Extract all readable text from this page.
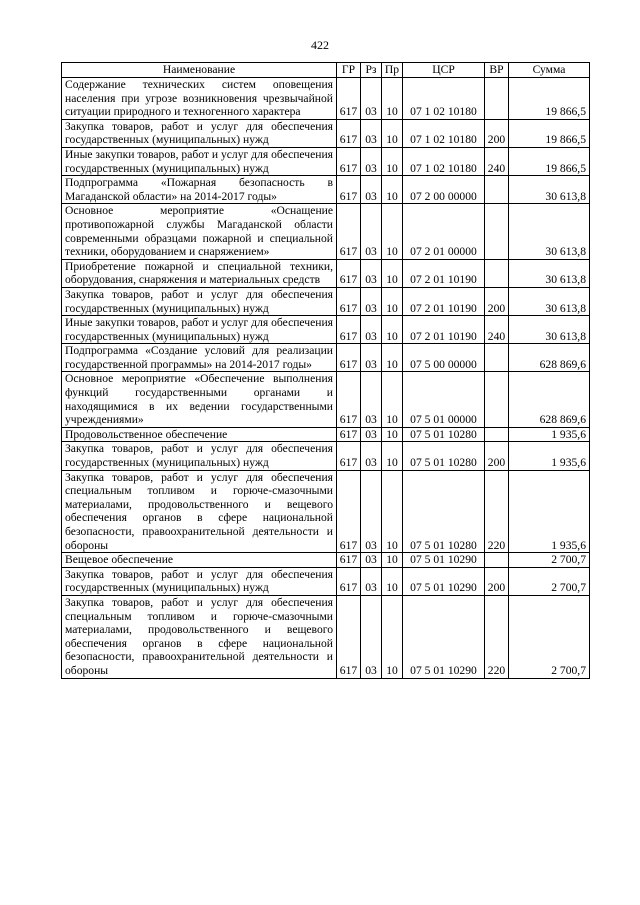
422
Наименование	ГР	Рз	Пр	ЦСР	ВР	Сумма
Содержание технических систем оповещения населения при угрозе возникновения чрезвычайной ситуации природного и техногенного характера	617	03	10	07 1 02 10180		19 866,5
Закупка товаров, работ и услуг для обеспечения государственных (муниципальных) нужд	617	03	10	07 1 02 10180	200	19 866,5
Иные закупки товаров, работ и услуг для обеспечения государственных (муниципальных) нужд	617	03	10	07 1 02 10180	240	19 866,5
Подпрограмма «Пожарная безопасность в Магаданской области» на 2014-2017 годы»	617	03	10	07 2 00 00000		30 613,8
Основное мероприятие «Оснащение противопожарной службы Магаданской области современными образцами пожарной и специальной техники, оборудованием и снаряжением»	617	03	10	07 2 01 00000		30 613,8
Приобретение пожарной и специальной техники, оборудования, снаряжения и материальных средств	617	03	10	07 2 01 10190		30 613,8
Закупка товаров, работ и услуг для обеспечения государственных (муниципальных) нужд	617	03	10	07 2 01 10190	200	30 613,8
Иные закупки товаров, работ и услуг для обеспечения государственных (муниципальных) нужд	617	03	10	07 2 01 10190	240	30 613,8
Подпрограмма «Создание условий для реализации государственной программы» на 2014-2017 годы»	617	03	10	07 5 00 00000		628 869,6
Основное мероприятие «Обеспечение выполнения функций государственными органами и находящимися в их ведении государственными учреждениями»	617	03	10	07 5 01 00000		628 869,6
Продовольственное обеспечение	617	03	10	07 5 01 10280		1 935,6
Закупка товаров, работ и услуг для обеспечения государственных (муниципальных) нужд	617	03	10	07 5 01 10280	200	1 935,6
Закупка товаров, работ и услуг для обеспечения специальным топливом и горюче-смазочными материалами, продовольственного и вещевого обеспечения органов в сфере национальной безопасности, правоохранительной деятельности и обороны	617	03	10	07 5 01 10280	220	1 935,6
Вещевое обеспечение	617	03	10	07 5 01 10290		2 700,7
Закупка товаров, работ и услуг для обеспечения государственных (муниципальных) нужд	617	03	10	07 5 01 10290	200	2 700,7
Закупка товаров, работ и услуг для обеспечения специальным топливом и горюче-смазочными материалами, продовольственного и вещевого обеспечения органов в сфере национальной безопасности, правоохранительной деятельности и обороны	617	03	10	07 5 01 10290	220	2 700,7
